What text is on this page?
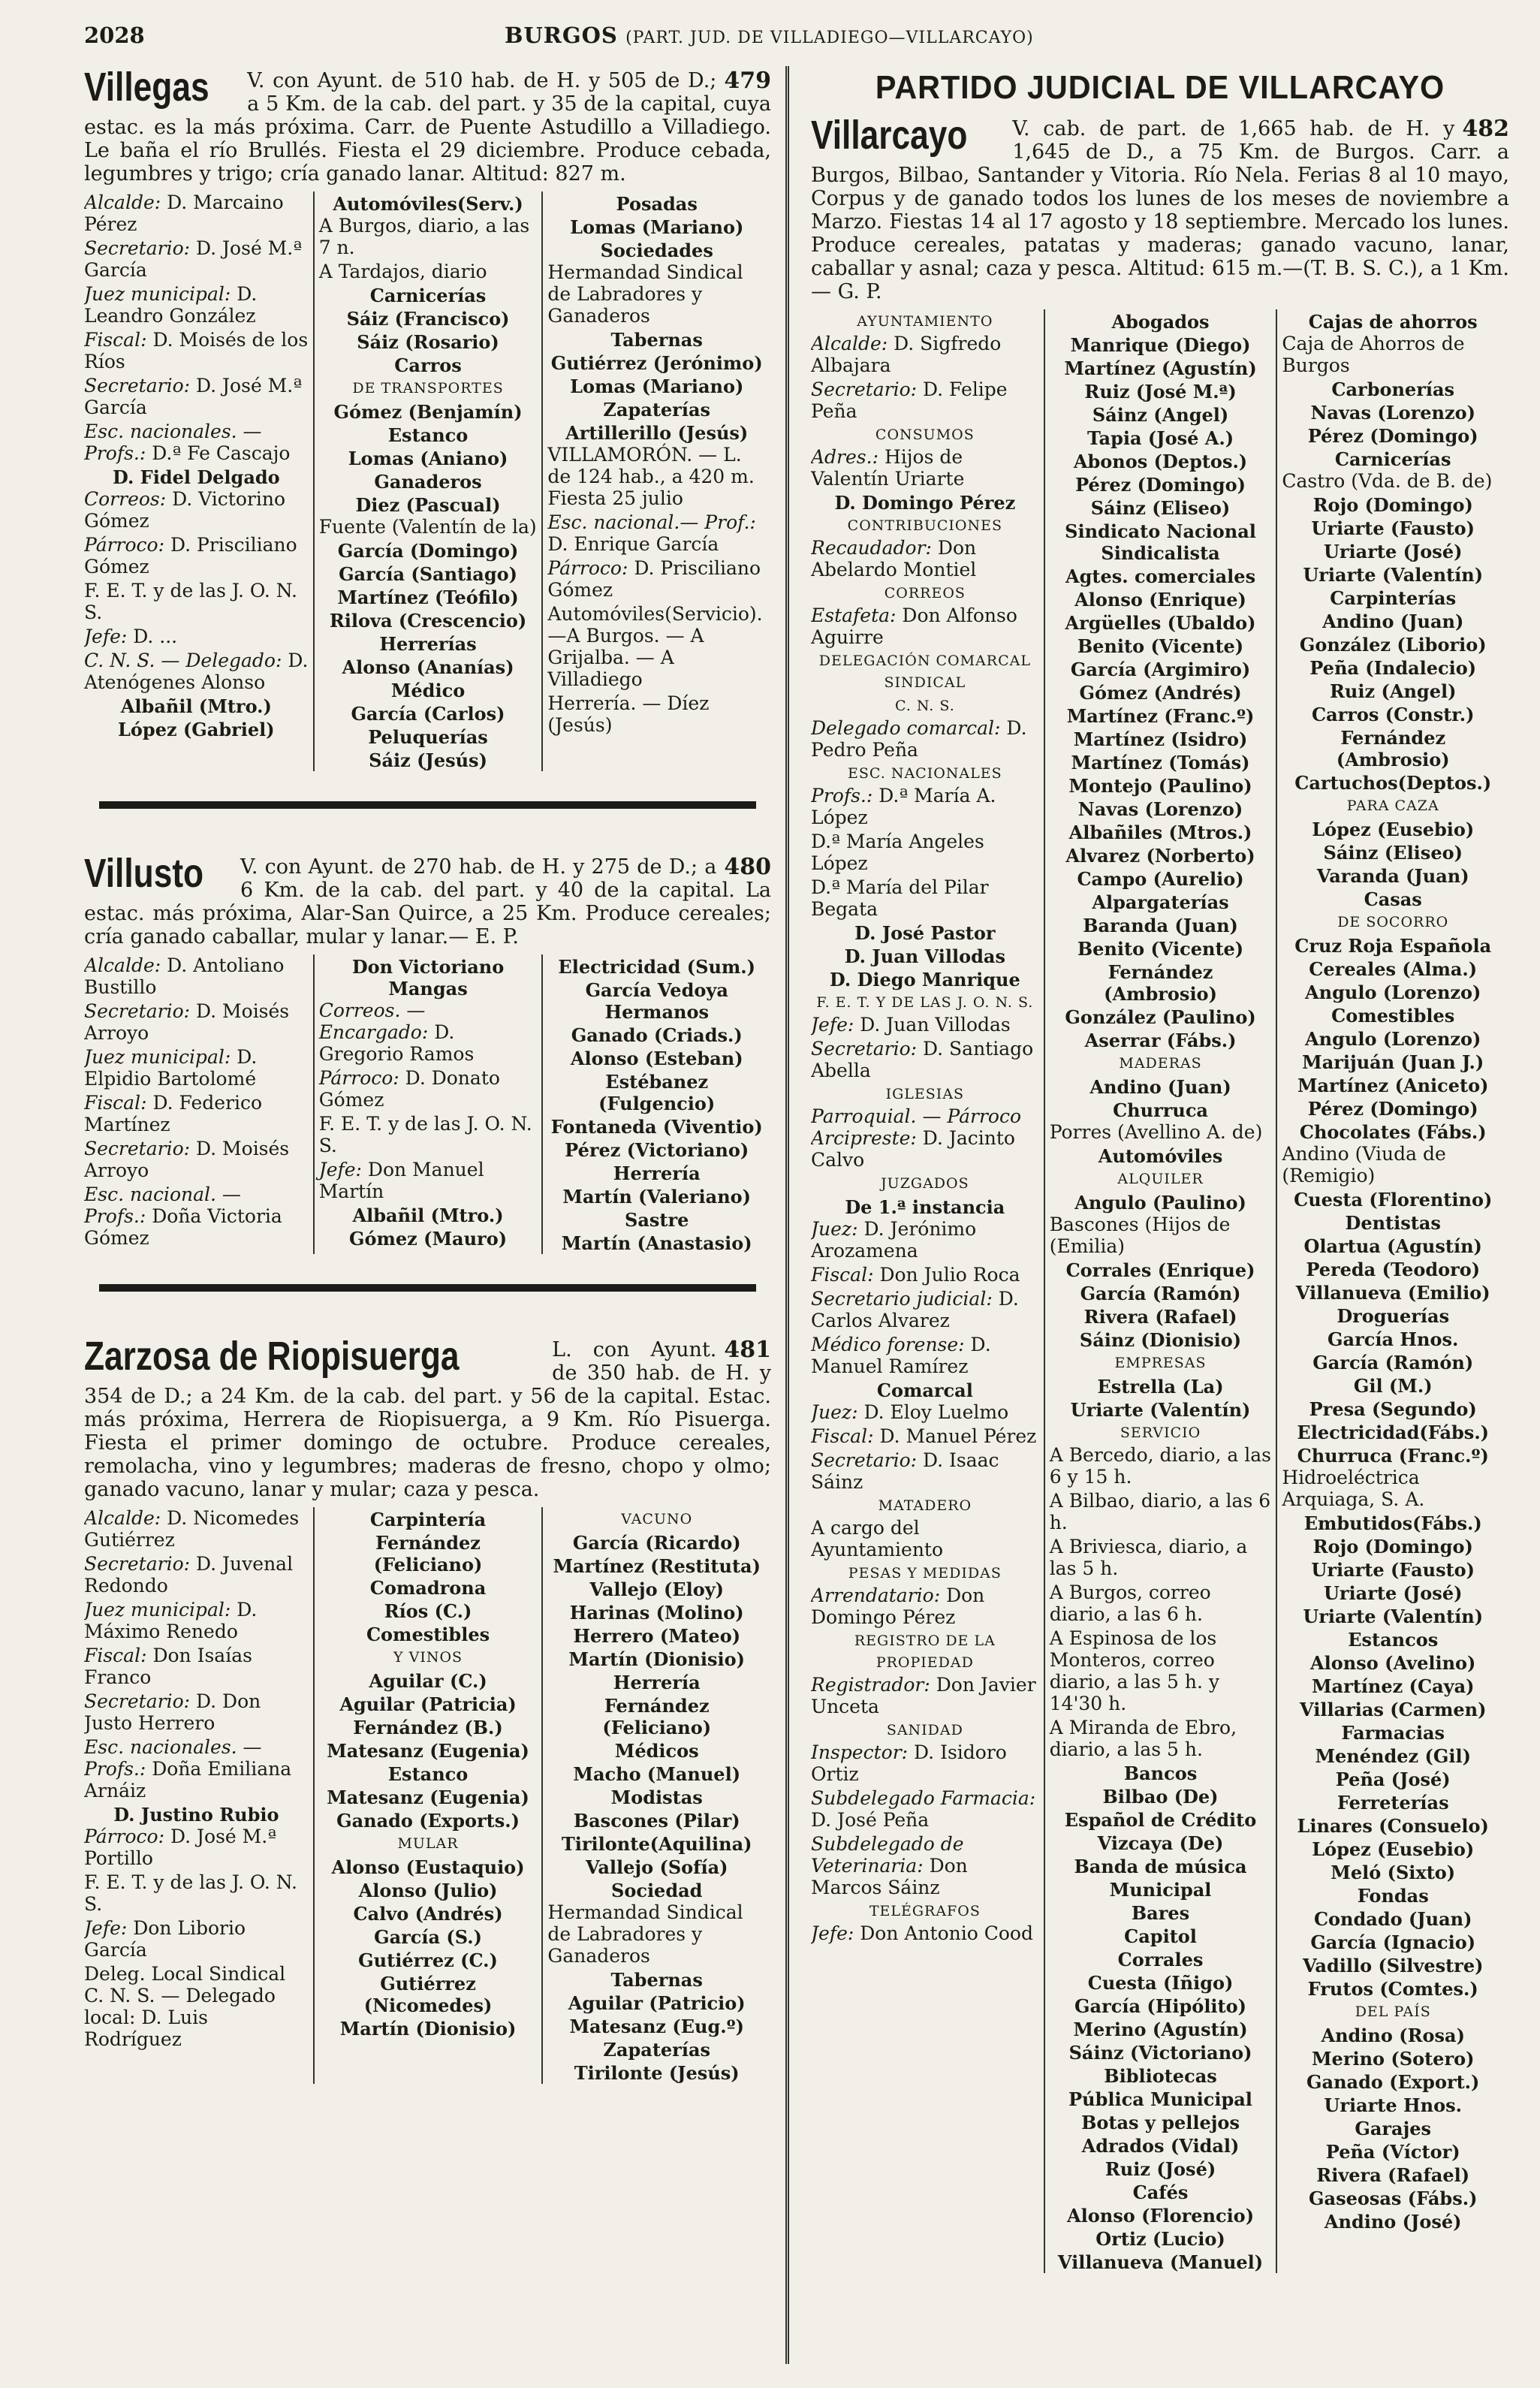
2028	BURGOS (PART. JUD. DE VILLADIEGO—VILLARCAYO)
Villegas	479
V. con Ayunt. de 510 hab. de H. y 505 de D.; a 5 Km. de la cab. del part. y 35 de la capital, cuya estac. es la más próxima. Carr. de Puente Astudillo a Villadiego. Le baña el río Brullés. Fiesta el 29 diciembre. Produce cebada, legumbres y trigo; cría ganado lanar. Altitud: 827 m.
Alcalde: D. Marcaino Pérez
Secretario: D. José M.ª García
Juez municipal: D. Leandro González
Fiscal: D. Moisés de los Ríos
Secretario: D. José M.ª García
Esc. nacionales. — Profs.: D.ª Fe Cascajo
D. Fidel Delgado
Correos: D. Victorino Gómez
Párroco: D. Prisciliano Gómez
F. E. T. y de las J. O. N. S.
Jefe: D. ...
C. N. S. — Delegado: D. Atenógenes Alonso
Albañil (Mtro.)
López (Gabriel)
Automóviles(Serv.)
A Burgos, diario, a las 7 n.
A Tardajos, diario
Carnicerías
Sáiz (Francisco)
Sáiz (Rosario)
Carros
DE TRANSPORTES
Gómez (Benjamín)
Estanco
Lomas (Aniano)
Ganaderos
Diez (Pascual)
Fuente (Valentín de la)
García (Domingo)
García (Santiago)
Martínez (Teófilo)
Rilova (Crescencio)
Herrerías
Alonso (Ananías)
Médico
García (Carlos)
Peluquerías
Sáiz (Jesús)
Posadas
Lomas (Mariano)
Sociedades
Hermandad Sindical de Labradores y Ganaderos
Tabernas
Gutiérrez (Jerónimo)
Lomas (Mariano)
Zapaterías
Artillerillo (Jesús)
VILLAMORÓN. — L. de 124 hab., a 420 m. Fiesta 25 julio
Esc. nacional.— Prof.: D. Enrique García
Párroco: D. Prisciliano Gómez
Automóviles(Servicio).—A Burgos. — A Grijalba. — A Villadiego
Herrería. — Díez (Jesús)
Villusto	480
V. con Ayunt. de 270 hab. de H. y 275 de D.; a 6 Km. de la cab. del part. y 40 de la capital. La estac. más próxima, Alar-San Quirce, a 25 Km. Produce cereales; cría ganado caballar, mular y lanar.— E. P.
Alcalde: D. Antoliano Bustillo
Secretario: D. Moisés Arroyo
Juez municipal: D. Elpidio Bartolomé
Fiscal: D. Federico Martínez
Secretario: D. Moisés Arroyo
Esc. nacional. — Profs.: Doña Victoria Gómez
Don Victoriano Mangas
Correos. — Encargado: D. Gregorio Ramos
Párroco: D. Donato Gómez
F. E. T. y de las J. O. N. S.
Jefe: Don Manuel Martín
Albañil (Mtro.)
Gómez (Mauro)
Electricidad (Sum.)
García Vedoya Hermanos
Ganado (Criads.)
Alonso (Esteban)
Estébanez (Fulgencio)
Fontaneda (Viventio)
Pérez (Victoriano)
Herrería
Martín (Valeriano)
Sastre
Martín (Anastasio)
Zarzosa de Riopisuerga	481
L. con Ayunt. de 350 hab. de H. y 354 de D.; a 24 Km. de la cab. del part. y 56 de la capital. Estac. más próxima, Herrera de Riopisuerga, a 9 Km. Río Pisuerga. Fiesta el primer domingo de octubre. Produce cereales, remolacha, vino y legumbres; maderas de fresno, chopo y olmo; ganado vacuno, lanar y mular; caza y pesca.
Alcalde: D. Nicomedes Gutiérrez
Secretario: D. Juvenal Redondo
Juez municipal: D. Máximo Renedo
Fiscal: Don Isaías Franco
Secretario: D. Don Justo Herrero
Esc. nacionales. — Profs.: Doña Emiliana Arnáiz
D. Justino Rubio
Párroco: D. José M.ª Portillo
F. E. T. y de las J. O. N. S.
Jefe: Don Liborio García
Deleg. Local Sindical C. N. S. — Delegado local: D. Luis Rodríguez
Carpintería
Fernández (Feliciano)
Comadrona
Ríos (C.)
Comestibles
Y VINOS
Aguilar (C.)
Aguilar (Patricia)
Fernández (B.)
Matesanz (Eugenia)
Estanco
Matesanz (Eugenia)
Ganado (Exports.)
MULAR
Alonso (Eustaquio)
Alonso (Julio)
Calvo (Andrés)
García (S.)
Gutiérrez (C.)
Gutiérrez (Nicomedes)
Martín (Dionisio)
VACUNO
García (Ricardo)
Martínez (Restituta)
Vallejo (Eloy)
Harinas (Molino)
Herrero (Mateo)
Martín (Dionisio)
Herrería
Fernández (Feliciano)
Médicos
Macho (Manuel)
Modistas
Bascones (Pilar)
Tirilonte(Aquilina)
Vallejo (Sofía)
Sociedad
Hermandad Sindical de Labradores y Ganaderos
Tabernas
Aguilar (Patricio)
Matesanz (Eug.º)
Zapaterías
Tirilonte (Jesús)
PARTIDO JUDICIAL DE VILLARCAYO
Villarcayo	482
V. cab. de part. de 1,665 hab. de H. y 1,645 de D., a 75 Km. de Burgos. Carr. a Burgos, Bilbao, Santander y Vitoria. Río Nela. Ferias 8 al 10 mayo, Corpus y de ganado todos los lunes de los meses de noviembre a Marzo. Fiestas 14 al 17 agosto y 18 septiembre. Mercado los lunes. Produce cereales, patatas y maderas; ganado vacuno, lanar, caballar y asnal; caza y pesca. Altitud: 615 m.—(T. B. S. C.), a 1 Km.— G. P.
AYUNTAMIENTO
Alcalde: D. Sigfredo Albajara
Secretario: D. Felipe Peña
CONSUMOS
Adres.: Hijos de Valentín Uriarte
D. Domingo Pérez
CONTRIBUCIONES
Recaudador: Don Abelardo Montiel
CORREOS
Estafeta: Don Alfonso Aguirre
DELEGACIÓN COMARCAL SINDICAL
C. N. S.
Delegado comarcal: D. Pedro Peña
ESC. NACIONALES
Profs.: D.ª María A. López
D.ª María Angeles López
D.ª María del Pilar Begata
D. José Pastor
D. Juan Villodas
D. Diego Manrique
F. E. T. Y DE LAS J. O. N. S.
Jefe: D. Juan Villodas
Secretario: D. Santiago Abella
IGLESIAS
Parroquial. — Párroco Arcipreste: D. Jacinto Calvo
JUZGADOS
De 1.ª instancia
Juez: D. Jerónimo Arozamena
Fiscal: Don Julio Roca
Secretario judicial: D. Carlos Alvarez
Médico forense: D. Manuel Ramírez
Comarcal
Juez: D. Eloy Luelmo
Fiscal: D. Manuel Pérez
Secretario: D. Isaac Sáinz
MATADERO
A cargo del Ayuntamiento
PESAS Y MEDIDAS
Arrendatario: Don Domingo Pérez
REGISTRO DE LA PROPIEDAD
Registrador: Don Javier Unceta
SANIDAD
Inspector: D. Isidoro Ortiz
Subdelegado Farmacia: D. José Peña
Subdelegado de Veterinaria: Don Marcos Sáinz
TELÉGRAFOS
Jefe: Don Antonio Cood
Abogados
Manrique (Diego)
Martínez (Agustín)
Ruiz (José M.ª)
Sáinz (Angel)
Tapia (José A.)
Abonos (Deptos.)
Pérez (Domingo)
Sáinz (Eliseo)
Sindicato Nacional Sindicalista
Agtes. comerciales
Alonso (Enrique)
Argüelles (Ubaldo)
Benito (Vicente)
García (Argimiro)
Gómez (Andrés)
Martínez (Franc.º)
Martínez (Isidro)
Martínez (Tomás)
Montejo (Paulino)
Navas (Lorenzo)
Albañiles (Mtros.)
Alvarez (Norberto)
Campo (Aurelio)
Alpargaterías
Baranda (Juan)
Benito (Vicente)
Fernández (Ambrosio)
González (Paulino)
Aserrar (Fábs.)
MADERAS
Andino (Juan)
Churruca
Porres (Avellino A. de)
Automóviles
ALQUILER
Angulo (Paulino)
Bascones (Hijos de (Emilia)
Corrales (Enrique)
García (Ramón)
Rivera (Rafael)
Sáinz (Dionisio)
EMPRESAS
Estrella (La)
Uriarte (Valentín)
SERVICIO
A Bercedo, diario, a las 6 y 15 h.
A Bilbao, diario, a las 6 h.
A Briviesca, diario, a las 5 h.
A Burgos, correo diario, a las 6 h.
A Espinosa de los Monteros, correo diario, a las 5 h. y 14'30 h.
A Miranda de Ebro, diario, a las 5 h.
Bancos
Bilbao (De)
Español de Crédito
Vizcaya (De)
Banda de música
Municipal
Bares
Capitol
Corrales
Cuesta (Iñigo)
García (Hipólito)
Merino (Agustín)
Sáinz (Victoriano)
Bibliotecas
Pública Municipal
Botas y pellejos
Adrados (Vidal)
Ruiz (José)
Cafés
Alonso (Florencio)
Ortiz (Lucio)
Villanueva (Manuel)
Cajas de ahorros
Caja de Ahorros de Burgos
Carbonerías
Navas (Lorenzo)
Pérez (Domingo)
Carnicerías
Castro (Vda. de B. de)
Rojo (Domingo)
Uriarte (Fausto)
Uriarte (José)
Uriarte (Valentín)
Carpinterías
Andino (Juan)
González (Liborio)
Peña (Indalecio)
Ruiz (Angel)
Carros (Constr.)
Fernández (Ambrosio)
Cartuchos(Deptos.)
PARA CAZA
López (Eusebio)
Sáinz (Eliseo)
Varanda (Juan)
Casas
DE SOCORRO
Cruz Roja Española
Cereales (Alma.)
Angulo (Lorenzo)
Comestibles
Angulo (Lorenzo)
Marijuán (Juan J.)
Martínez (Aniceto)
Pérez (Domingo)
Chocolates (Fábs.)
Andino (Viuda de (Remigio)
Cuesta (Florentino)
Dentistas
Olartua (Agustín)
Pereda (Teodoro)
Villanueva (Emilio)
Droguerías
García Hnos.
García (Ramón)
Gil (M.)
Presa (Segundo)
Electricidad(Fábs.)
Churruca (Franc.º)
Hidroeléctrica Arquiaga, S. A.
Embutidos(Fábs.)
Rojo (Domingo)
Uriarte (Fausto)
Uriarte (José)
Uriarte (Valentín)
Estancos
Alonso (Avelino)
Martínez (Caya)
Villarias (Carmen)
Farmacias
Menéndez (Gil)
Peña (José)
Ferreterías
Linares (Consuelo)
López (Eusebio)
Meló (Sixto)
Fondas
Condado (Juan)
García (Ignacio)
Vadillo (Silvestre)
Frutos (Comtes.)
DEL PAÍS
Andino (Rosa)
Merino (Sotero)
Ganado (Export.)
Uriarte Hnos.
Garajes
Peña (Víctor)
Rivera (Rafael)
Gaseosas (Fábs.)
Andino (José)
